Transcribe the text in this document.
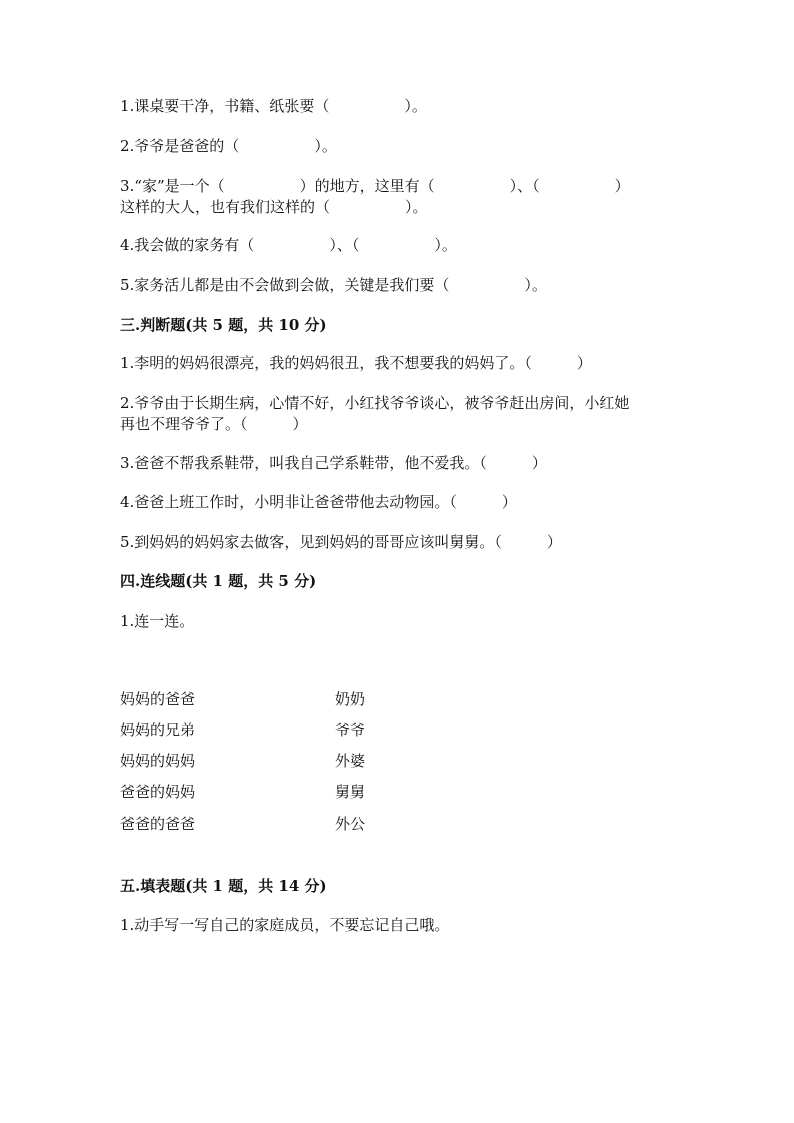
1.课桌要干净，书籍、纸张要（　　　　　）。
2.爷爷是爸爸的（　　　　　）。
3.“家”是一个（　　　　　）的地方，这里有（　　　　　）、（　　　　　）
这样的大人，也有我们这样的（　　　　　）。
4.我会做的家务有（　　　　　）、（　　　　　）。
5.家务活儿都是由不会做到会做，关键是我们要（　　　　　）。
三.判断题(共 5 题，共 10 分)
1.李明的妈妈很漂亮，我的妈妈很丑，我不想要我的妈妈了。（　　　）
2.爷爷由于长期生病，心情不好，小红找爷爷谈心，被爷爷赶出房间，小红她
再也不理爷爷了。（　　　）
3.爸爸不帮我系鞋带，叫我自己学系鞋带，他不爱我。（　　　）
4.爸爸上班工作时，小明非让爸爸带他去动物园。（　　　）
5.到妈妈的妈妈家去做客，见到妈妈的哥哥应该叫舅舅。（　　　）
四.连线题(共 1 题，共 5 分)
1.连一连。
妈妈的爸爸
妈妈的兄弟
妈妈的妈妈
爸爸的妈妈
爸爸的爸爸
奶奶
爷爷
外婆
舅舅
外公
五.填表题(共 1 题，共 14 分)
1.动手写一写自己的家庭成员，不要忘记自己哦。
